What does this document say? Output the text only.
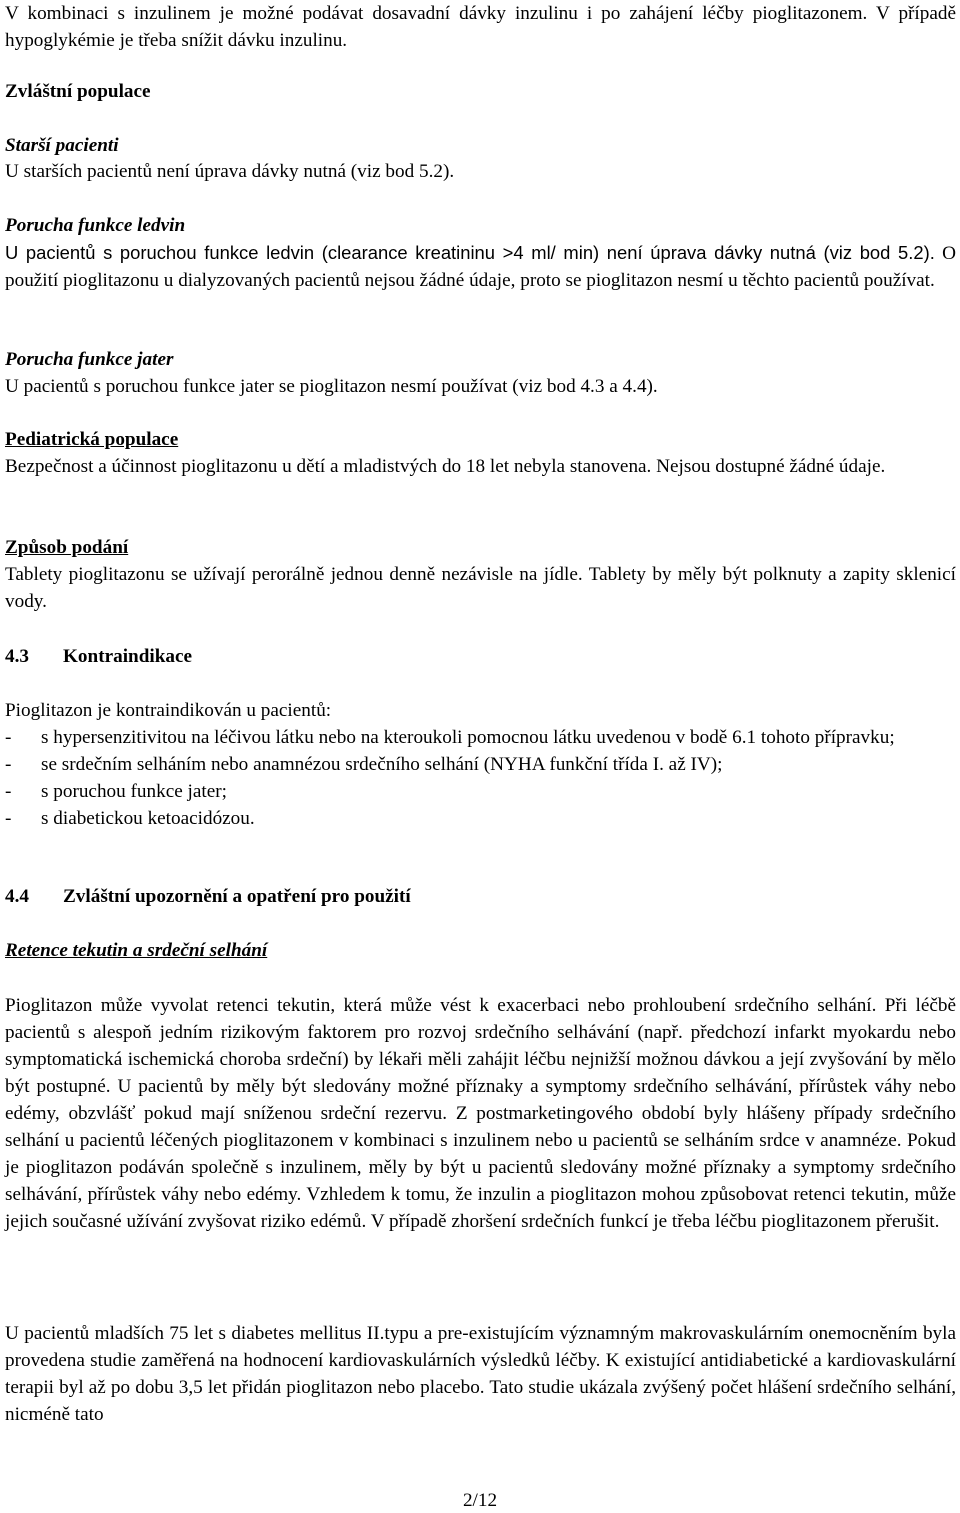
V kombinaci s inzulinem je možné podávat dosavadní dávky inzulinu i po zahájení léčby pioglitazonem. V případě hypoglykémie je třeba snížit dávku inzulinu.

Zvláštní populace

Starší pacienti

U starších pacientů není úprava dávky nutná (viz bod 5.2).

Porucha funkce ledvin

U pacientů s poruchou funkce ledvin (clearance kreatininu >4 ml/ min) není úprava dávky nutná (viz bod 5.2). O použití pioglitazonu u dialyzovaných pacientů nejsou žádné údaje, proto se pioglitazon nesmí u těchto pacientů používat.

Porucha funkce jater

U pacientů s poruchou funkce jater se pioglitazon nesmí používat (viz bod 4.3 a 4.4).

Pediatrická populace

Bezpečnost a účinnost pioglitazonu u dětí a mladistvých do 18 let nebyla stanovena. Nejsou dostupné žádné údaje.

Způsob podání

Tablety pioglitazonu se užívají perorálně jednou denně nezávisle na jídle. Tablety by měly být polknuty a zapity sklenicí vody.

4.3 Kontraindikace

Pioglitazon je kontraindikován u pacientů:

- s hypersenzitivitou na léčivou látku nebo na kteroukoli pomocnou látku uvedenou v bodě 6.1 tohoto přípravku;
- se srdečním selháním nebo anamnézou srdečního selhání (NYHA funkční třída I. až IV);
- s poruchou funkce jater;
- s diabetickou ketoacidózou.

4.4 Zvláštní upozornění a opatření pro použití

Retence tekutin a srdeční selhání

Pioglitazon může vyvolat retenci tekutin, která může vést k exacerbaci nebo prohloubení srdečního selhání. Při léčbě pacientů s alespoň jedním rizikovým faktorem pro rozvoj srdečního selhávání (např. předchozí infarkt myokardu nebo symptomatická ischemická choroba srdeční) by lékaři měli zahájit léčbu nejnižší možnou dávkou a její zvyšování by mělo být postupné. U pacientů by měly být sledovány možné příznaky a symptomy srdečního selhávání, přírůstek váhy nebo edémy, obzvlášť pokud mají sníženou srdeční rezervu. Z postmarketingového období byly hlášeny případy srdečního selhání u pacientů léčených pioglitazonem v kombinaci s inzulinem nebo u pacientů se selháním srdce v anamnéze. Pokud je pioglitazon podáván společně s inzulinem, měly by být u pacientů sledovány možné příznaky a symptomy srdečního selhávání, přírůstek váhy nebo edémy. Vzhledem k tomu, že inzulin a pioglitazon mohou způsobovat retenci tekutin, může jejich současné užívání zvyšovat riziko edémů. V případě zhoršení srdečních funkcí je třeba léčbu pioglitazonem přerušit.

U pacientů mladších 75 let s diabetes mellitus II.typu a pre-existujícím významným makrovaskulárním onemocněním byla provedena studie zaměřená na hodnocení kardiovaskulárních výsledků léčby. K existující antidiabetické a kardiovaskulární terapii byl až po dobu 3,5 let přidán pioglitazon nebo placebo. Tato studie ukázala zvýšený počet hlášení srdečního selhání, nicméně tato

2/12
